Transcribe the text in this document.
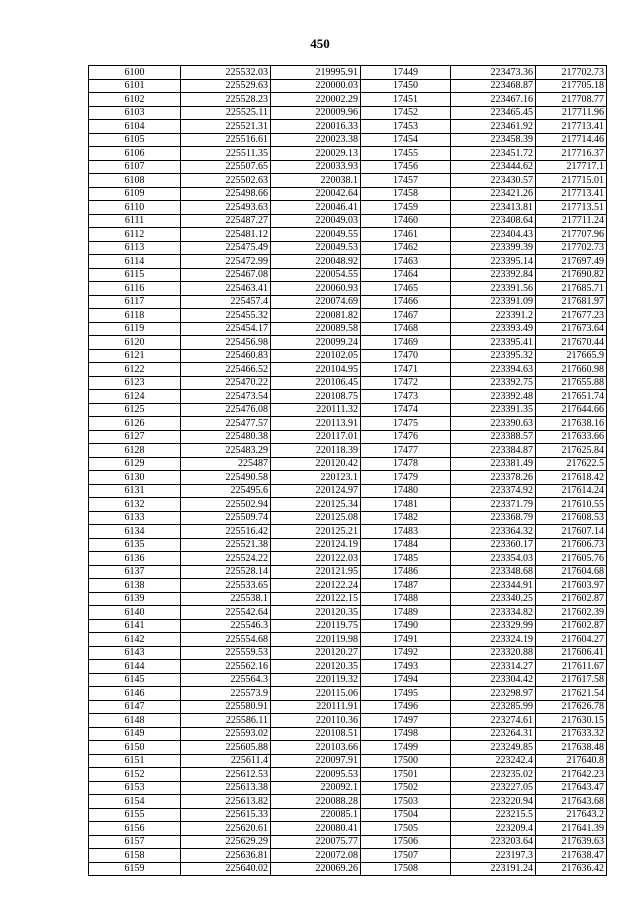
450
6100	225532.03	219995.91	17449	223473.36	217702.73
6101	225529.63	220000.03	17450	223468.87	217705.18
6102	225528.23	220002.29	17451	223467.16	217708.77
6103	225525.11	220009.96	17452	223465.45	217711.96
6104	225521.31	220016.33	17453	223461.92	217713.41
6105	225516.61	220023.38	17454	223458.39	217714.46
6106	225511.35	220029.13	17455	223451.72	217716.37
6107	225507.65	220033.93	17456	223444.62	217717.1
6108	225502.63	220038.1	17457	223430.57	217715.01
6109	225498.66	220042.64	17458	223421.26	217713.41
6110	225493.63	220046.41	17459	223413.81	217713.51
6111	225487.27	220049.03	17460	223408.64	217711.24
6112	225481.12	220049.55	17461	223404.43	217707.96
6113	225475.49	220049.53	17462	223399.39	217702.73
6114	225472.99	220048.92	17463	223395.14	217697.49
6115	225467.08	220054.55	17464	223392.84	217690.82
6116	225463.41	220060.93	17465	223391.56	217685.71
6117	225457.4	220074.69	17466	223391.09	217681.97
6118	225455.32	220081.82	17467	223391.2	217677.23
6119	225454.17	220089.58	17468	223393.49	217673.64
6120	225456.98	220099.24	17469	223395.41	217670.44
6121	225460.83	220102.05	17470	223395.32	217665.9
6122	225466.52	220104.95	17471	223394.63	217660.98
6123	225470.22	220106.45	17472	223392.75	217655.88
6124	225473.54	220108.75	17473	223392.48	217651.74
6125	225476.08	220111.32	17474	223391.35	217644.66
6126	225477.57	220113.91	17475	223390.63	217638.16
6127	225480.38	220117.01	17476	223388.57	217633.66
6128	225483.29	220118.39	17477	223384.87	217625.84
6129	225487	220120.42	17478	223381.49	217622.5
6130	225490.58	220123.1	17479	223378.26	217618.42
6131	225495.6	220124.97	17480	223374.92	217614.24
6132	225502.94	220125.34	17481	223371.79	217610.55
6133	225509.74	220125.08	17482	223368.79	217608.53
6134	225516.42	220125.21	17483	223364.32	217607.14
6135	225521.38	220124.19	17484	223360.17	217606.73
6136	225524.22	220122.03	17485	223354.03	217605.76
6137	225528.14	220121.95	17486	223348.68	217604.68
6138	225533.65	220122.24	17487	223344.91	217603.97
6139	225538.1	220122.15	17488	223340.25	217602.87
6140	225542.64	220120.35	17489	223334.82	217602.39
6141	225546.3	220119.75	17490	223329.99	217602.87
6142	225554.68	220119.98	17491	223324.19	217604.27
6143	225559.53	220120.27	17492	223320.88	217606.41
6144	225562.16	220120.35	17493	223314.27	217611.67
6145	225564.3	220119.32	17494	223304.42	217617.58
6146	225573.9	220115.06	17495	223298.97	217621.54
6147	225580.91	220111.91	17496	223285.99	217626.78
6148	225586.11	220110.36	17497	223274.61	217630.15
6149	225593.02	220108.51	17498	223264.31	217633.32
6150	225605.88	220103.66	17499	223249.85	217638.48
6151	225611.4	220097.91	17500	223242.4	217640.8
6152	225612.53	220095.53	17501	223235.02	217642.23
6153	225613.38	220092.1	17502	223227.05	217643.47
6154	225613.82	220088.28	17503	223220.94	217643.68
6155	225615.33	220085.1	17504	223215.5	217643.2
6156	225620.61	220080.41	17505	223209.4	217641.39
6157	225629.29	220075.77	17506	223203.64	217639.63
6158	225636.81	220072.08	17507	223197.3	217638.47
6159	225640.02	220069.26	17508	223191.24	217636.42
